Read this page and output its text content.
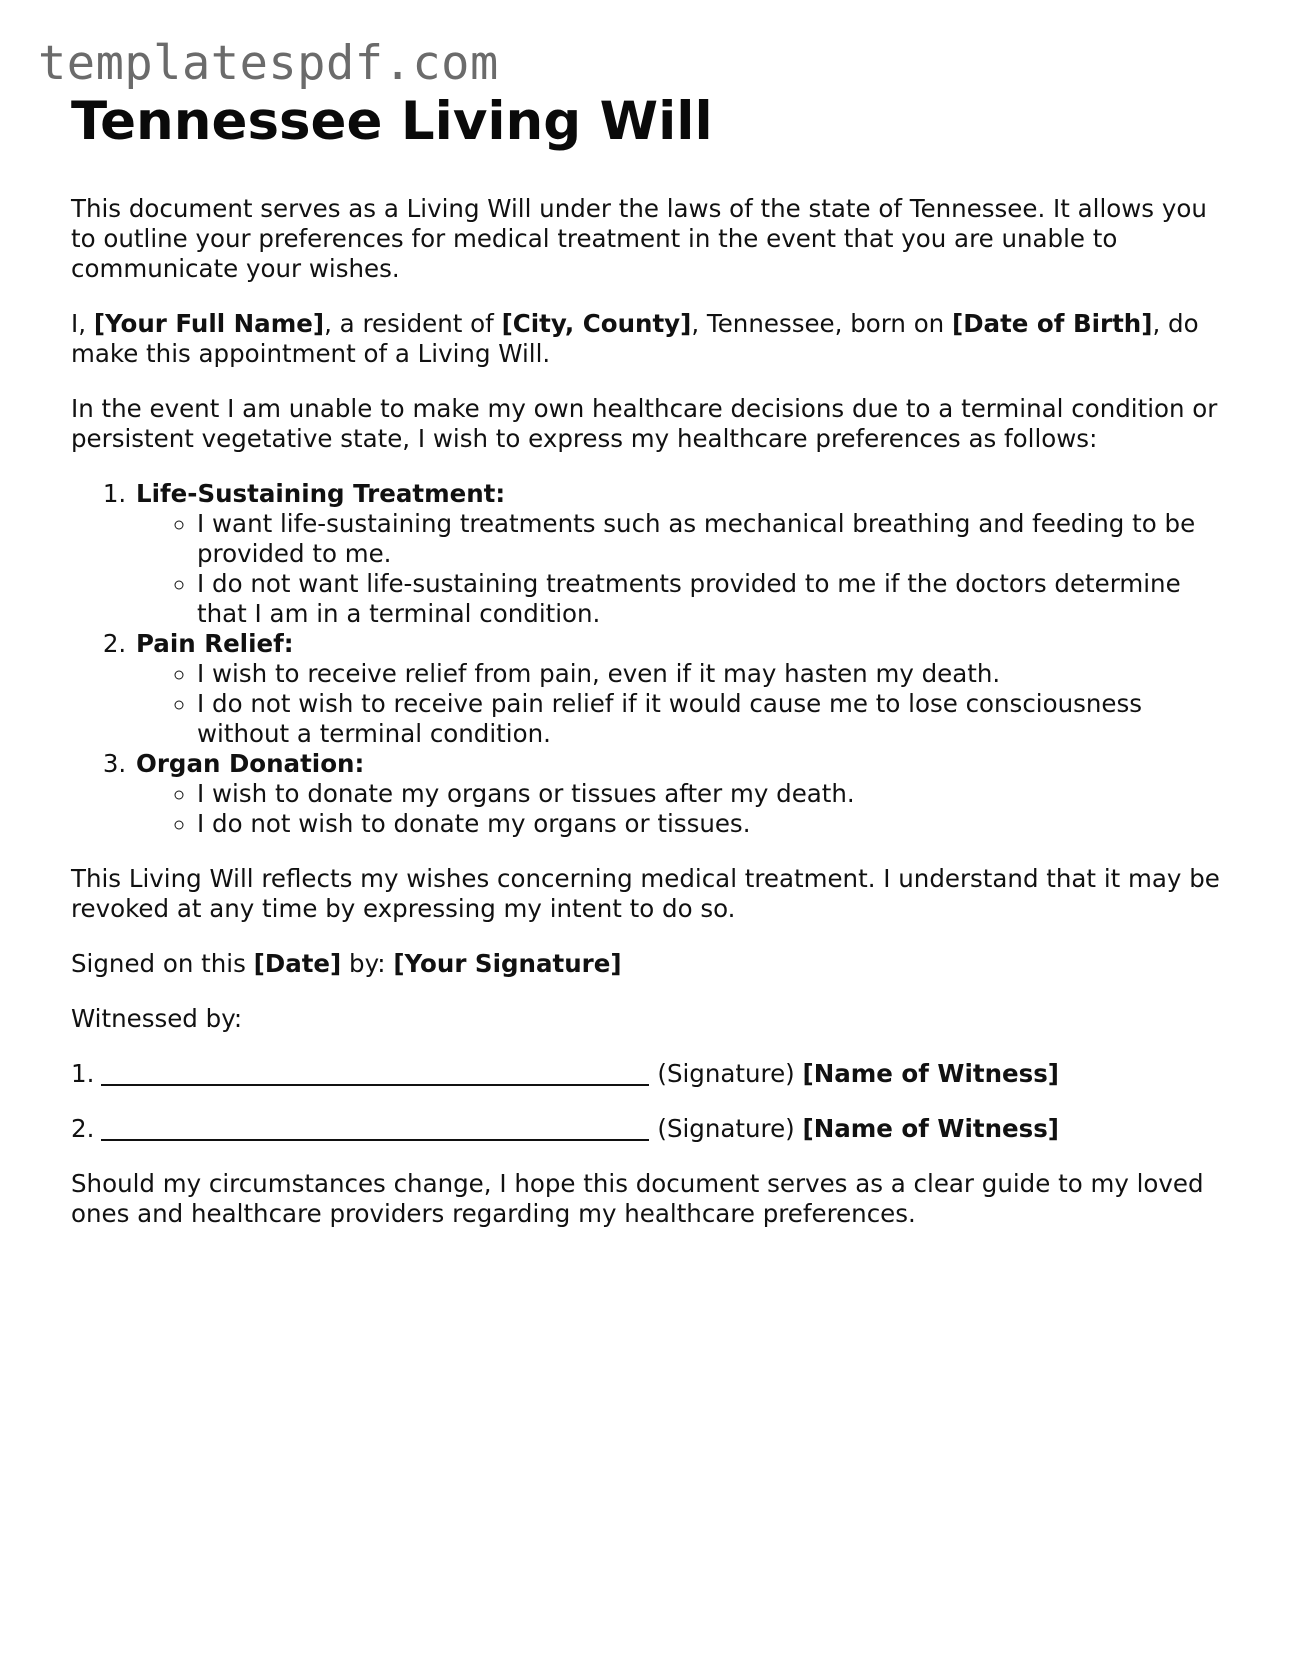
templatespdf.com
Tennessee Living Will

This document serves as a Living Will under the laws of the state of Tennessee. It allows you to outline your preferences for medical treatment in the event that you are unable to communicate your wishes.

I, [Your Full Name], a resident of [City, County], Tennessee, born on [Date of Birth], do make this appointment of a Living Will.

In the event I am unable to make my own healthcare decisions due to a terminal condition or persistent vegetative state, I wish to express my healthcare preferences as follows:

1. Life-Sustaining Treatment:
◦ I want life-sustaining treatments such as mechanical breathing and feeding to be provided to me.
◦ I do not want life-sustaining treatments provided to me if the doctors determine that I am in a terminal condition.
2. Pain Relief:
◦ I wish to receive relief from pain, even if it may hasten my death.
◦ I do not wish to receive pain relief if it would cause me to lose consciousness without a terminal condition.
3. Organ Donation:
◦ I wish to donate my organs or tissues after my death.
◦ I do not wish to donate my organs or tissues.

This Living Will reflects my wishes concerning medical treatment. I understand that it may be revoked at any time by expressing my intent to do so.

Signed on this [Date] by: [Your Signature]

Witnessed by:

1.	(Signature)
[Name of Witness]
2.	(Signature)
[Name of Witness]

Should my circumstances change, I hope this document serves as a clear guide to my loved ones and healthcare providers regarding my healthcare preferences.
